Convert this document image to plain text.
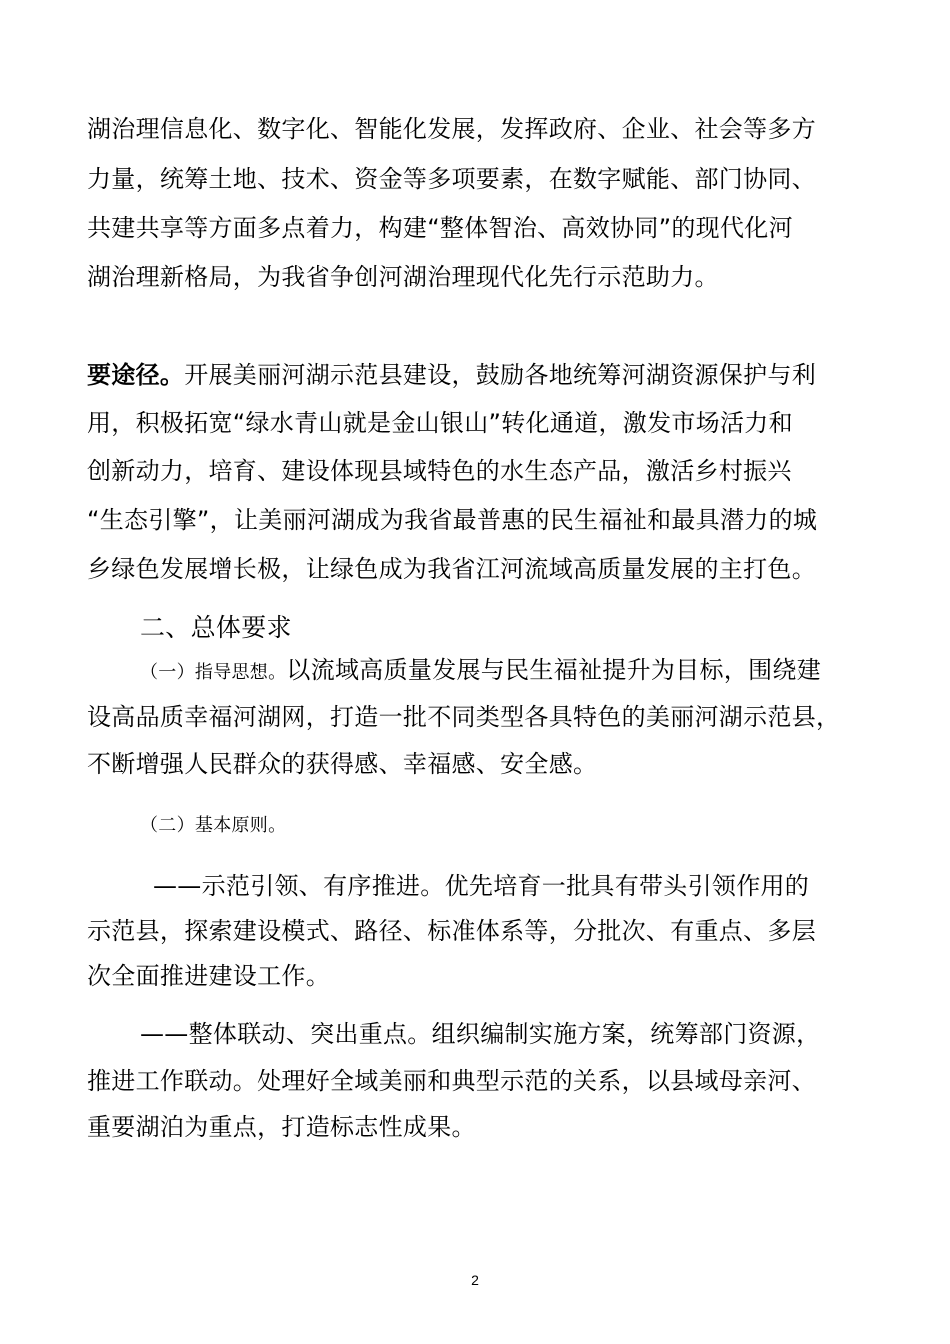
湖治理信息化、数字化、智能化发展，发挥政府、企业、社会等多方

力量，统筹土地、技术、资金等多项要素，在数字赋能、部门协同、

共建共享等方面多点着力，构建“整体智治、高效协同”的现代化河

湖治理新格局，为我省争创河湖治理现代化先行示范助力。

要途径。开展美丽河湖示范县建设，鼓励各地统筹河湖资源保护与利

用，积极拓宽“绿水青山就是金山银山”转化通道，激发市场活力和

创新动力，培育、建设体现县域特色的水生态产品，激活乡村振兴

“生态引擎”，让美丽河湖成为我省最普惠的民生福祉和最具潜力的城

乡绿色发展增长极，让绿色成为我省江河流域高质量发展的主打色。

二、总体要求

（一）指导思想。以流域高质量发展与民生福祉提升为目标，围绕建

设高品质幸福河湖网，打造一批不同类型各具特色的美丽河湖示范县，

不断增强人民群众的获得感、幸福感、安全感。

（二）基本原则。

——示范引领、有序推进。优先培育一批具有带头引领作用的

示范县，探索建设模式、路径、标准体系等，分批次、有重点、多层

次全面推进建设工作。

——整体联动、突出重点。组织编制实施方案，统筹部门资源，

推进工作联动。处理好全域美丽和典型示范的关系，以县域母亲河、

重要湖泊为重点，打造标志性成果。

2
